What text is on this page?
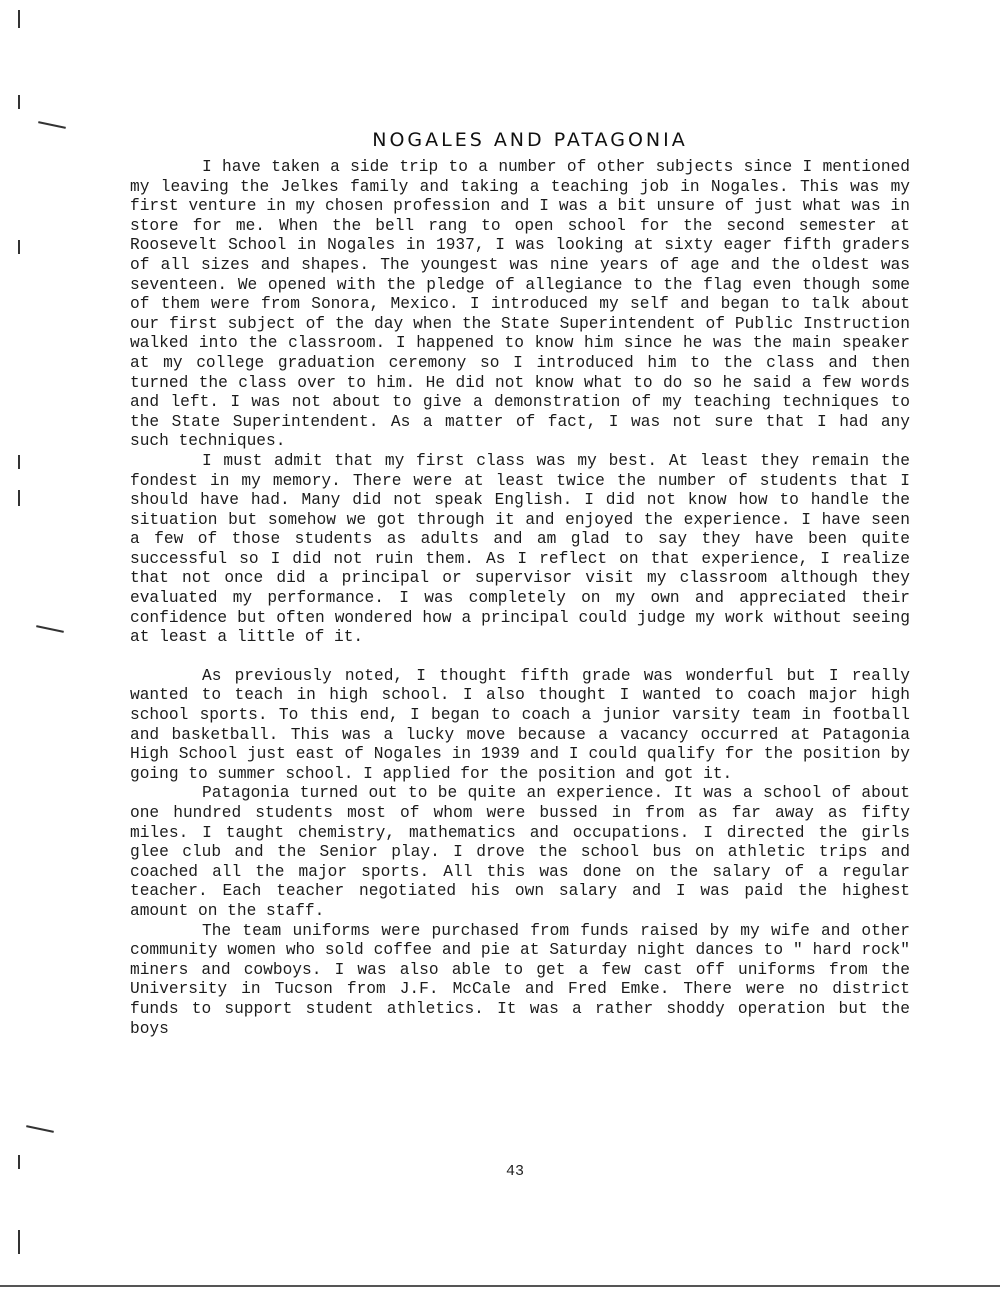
NOGALES AND PATAGONIA

I have taken a side trip to a number of other subjects since I mentioned my leaving the Jelkes family and taking a teaching job in Nogales. This was my first venture in my chosen profession and I was a bit unsure of just what was in store for me. When the bell rang to open school for the second semester at Roosevelt School in Nogales in 1937, I was looking at sixty eager fifth graders of all sizes and shapes. The youngest was nine years of age and the oldest was seventeen. We opened with the pledge of allegiance to the flag even though some of them were from Sonora, Mexico. I introduced my self and began to talk about our first subject of the day when the State Superintendent of Public Instruction walked into the classroom. I happened to know him since he was the main speaker at my college graduation ceremony so I introduced him to the class and then turned the class over to him. He did not know what to do so he said a few words and left. I was not about to give a demonstration of my teaching techniques to the State Superintendent. As a matter of fact, I was not sure that I had any such techniques.

I must admit that my first class was my best. At least they remain the fondest in my memory. There were at least twice the number of students that I should have had. Many did not speak English. I did not know how to handle the situation but somehow we got through it and enjoyed the experience. I have seen a few of those students as adults and am glad to say they have been quite successful so I did not ruin them. As I reflect on that experience, I realize that not once did a principal or supervisor visit my classroom although they evaluated my performance. I was completely on my own and appreciated their confidence but often wondered how a principal could judge my work without seeing at least a little of it.

As previously noted, I thought fifth grade was wonderful but I really wanted to teach in high school. I also thought I wanted to coach major high school sports. To this end, I began to coach a junior varsity team in football and basketball. This was a lucky move because a vacancy occurred at Patagonia High School just east of Nogales in 1939 and I could qualify for the position by going to summer school. I applied for the position and got it.

Patagonia turned out to be quite an experience. It was a school of about one hundred students most of whom were bussed in from as far away as fifty miles. I taught chemistry, mathematics and occupations. I directed the girls glee club and the Senior play. I drove the school bus on athletic trips and coached all the major sports. All this was done on the salary of a regular teacher. Each teacher negotiated his own salary and I was paid the highest amount on the staff.

The team uniforms were purchased from funds raised by my wife and other community women who sold coffee and pie at Saturday night dances to " hard rock" miners and cowboys. I was also able to get a few cast off uniforms from the University in Tucson from J.F. McCale and Fred Emke. There were no district funds to support student athletics. It was a rather shoddy operation but the boys

43
